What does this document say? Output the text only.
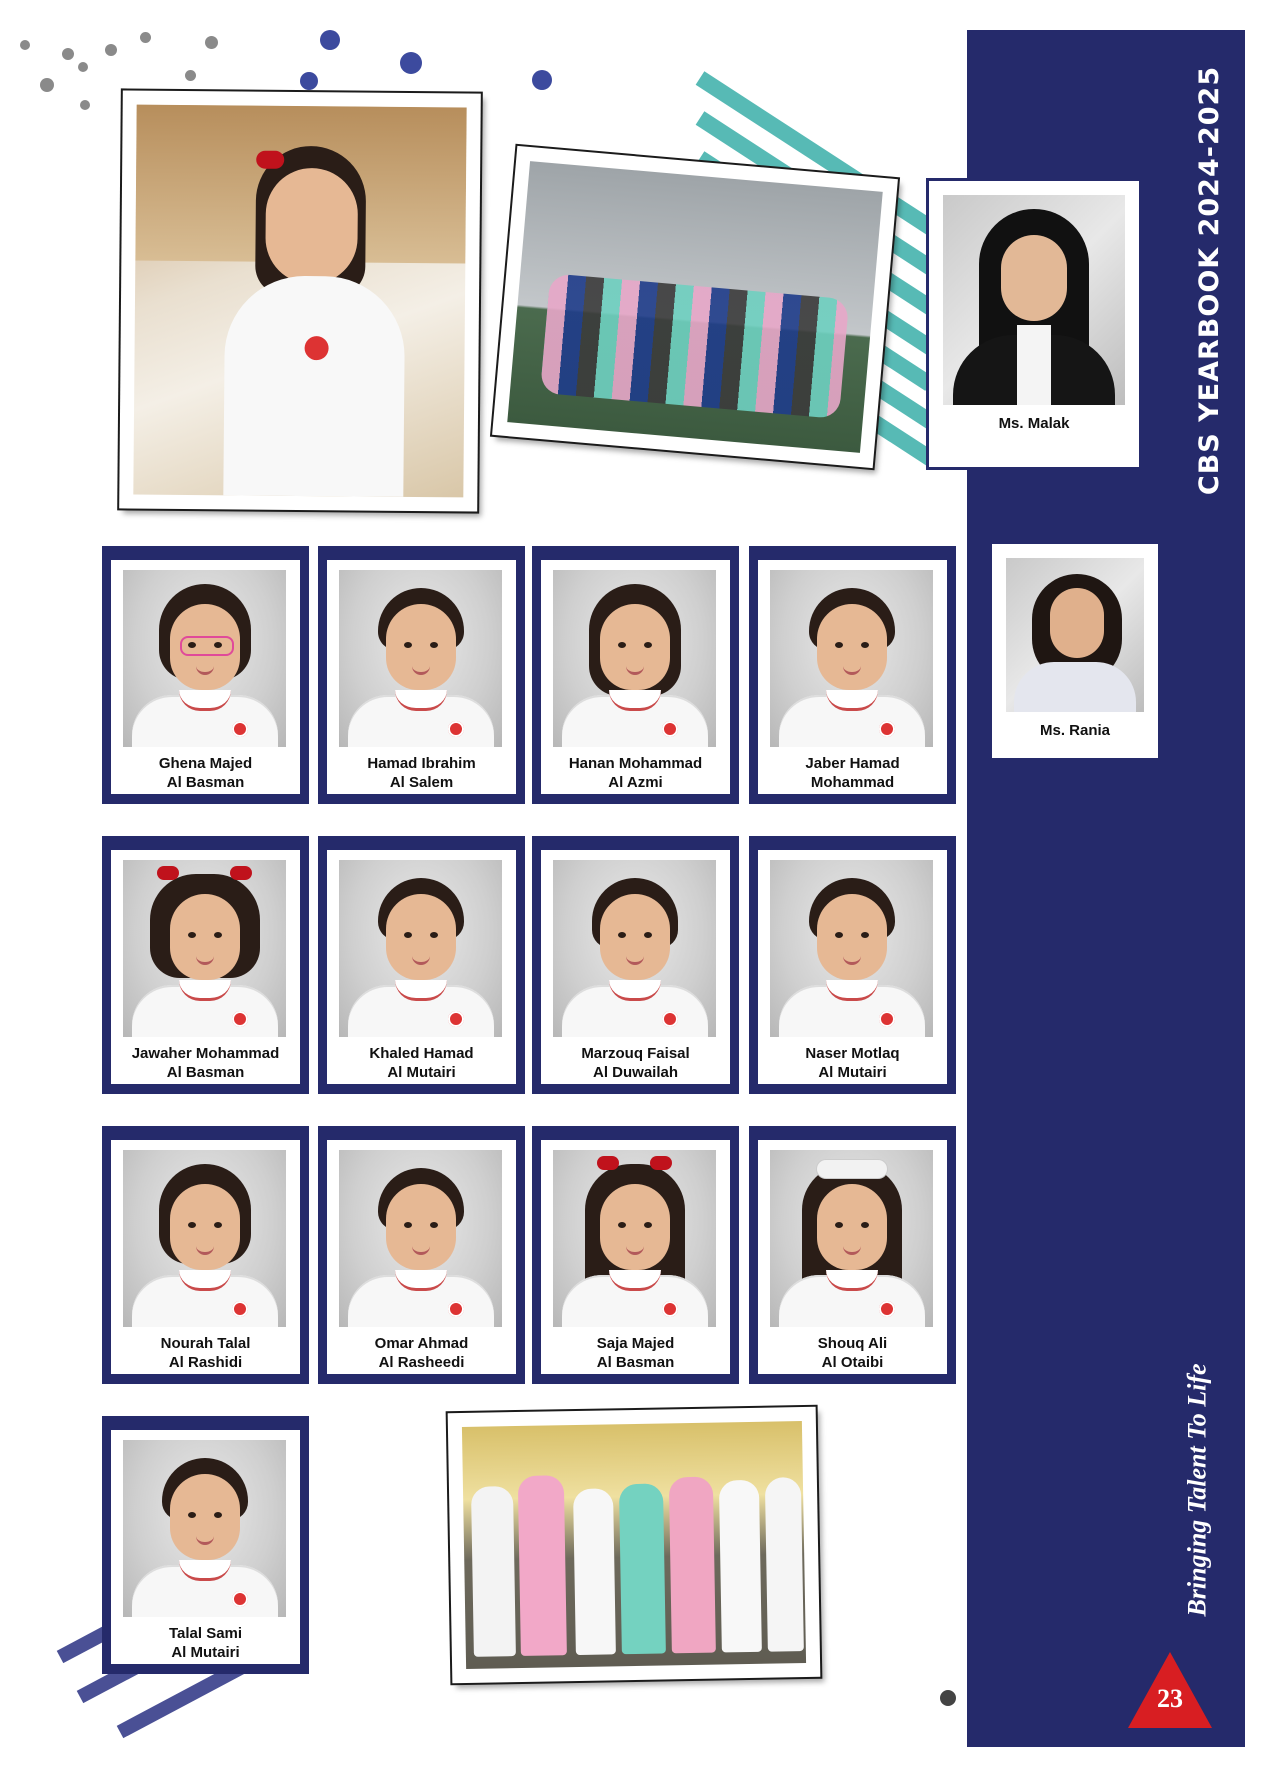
CBS YEARBOOK 2024-2025
Bringing Talent To Life
23
Ms. Malak
Ms. Rania
Ghena Majed
Al Basman
Hamad Ibrahim
Al Salem
Hanan Mohammad
Al Azmi
Jaber Hamad
Mohammad
Jawaher Mohammad
Al Basman
Khaled Hamad
Al Mutairi
Marzouq Faisal
Al Duwailah
Naser Motlaq
Al Mutairi
Nourah Talal
Al Rashidi
Omar Ahmad
Al Rasheedi
Saja Majed
Al Basman
Shouq Ali
Al Otaibi
Talal Sami
Al Mutairi
